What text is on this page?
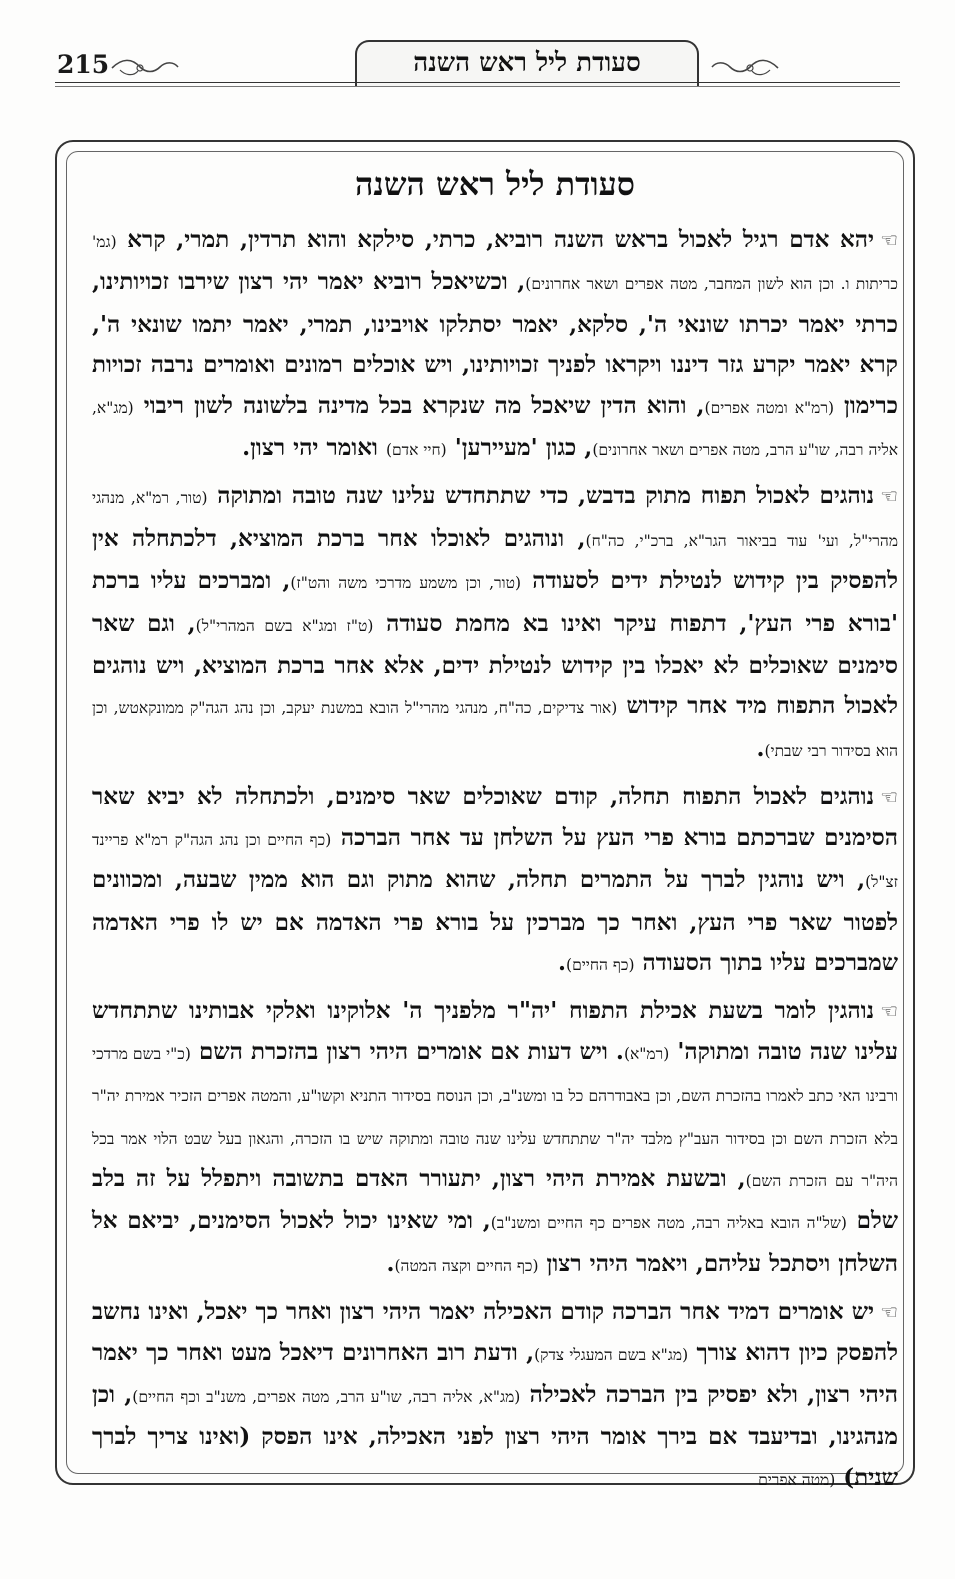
215	סעודת ליל ראש השנה
סעודת ליל ראש השנה

☜יהא אדם רגיל לאכול בראש השנה רוביא, כרתי, סילקא והוא תרדין, תמרי, קרא (גמ' כריתות ו. וכן הוא לשון המחבר, מטה אפרים ושאר אחרונים), וכשיאכל רוביא יאמר יהי רצון שירבו זכויותינו, כרתי יאמר יכרתו שונאי ה', סלקא, יאמר יסתלקו אויבינו, תמרי, יאמר יתמו שונאי ה', קרא יאמר יקרע גזר דיננו ויקראו לפניך זכויותינו, ויש אוכלים רמונים ואומרים נרבה זכויות כרימון (רמ"א ומטה אפרים), והוא הדין שיאכל מה שנקרא בכל מדינה בלשונה לשון ריבוי (מג"א, אליה רבה, שו"ע הרב, מטה אפרים ושאר אחרונים), כגון 'מעיירען' (חיי אדם) ואומר יהי רצון.

☜נוהגים לאכול תפוח מתוק בדבש, כדי שתתחדש עלינו שנה טובה ומתוקה (טור, רמ"א, מנהגי מהרי"ל, ועי' עוד בביאור הגר"א, ברכ"י, כה"ח), ונוהגים לאוכלו אחר ברכת המוציא, דלכתחלה אין להפסיק בין קידוש לנטילת ידים לסעודה (טור, וכן משמע מדרכי משה והט"ז), ומברכים עליו ברכת 'בורא פרי העץ', דתפוח עיקר ואינו בא מחמת סעודה (ט"ז ומג"א בשם המהרי"ל), וגם שאר סימנים שאוכלים לא יאכלו בין קידוש לנטילת ידים, אלא אחר ברכת המוציא, ויש נוהגים לאכול התפוח מיד אחר קידוש (אור צדיקים, כה"ח, מנהגי מהרי"ל הובא במשנת יעקב, וכן נהג הגה"ק ממונקאטש, וכן הוא בסידור רבי שבתי).

☜נוהגים לאכול התפוח תחלה, קודם שאוכלים שאר סימנים, ולכתחלה לא יביא שאר הסימנים שברכתם בורא פרי העץ על השלחן עד אחר הברכה (כף החיים וכן נהג הגה"ק רמ"א פריינד זצ"ל), ויש נוהגין לברך על התמרים תחלה, שהוא מתוק וגם הוא ממין שבעה, ומכוונים לפטור שאר פרי העץ, ואחר כך מברכין על בורא פרי האדמה אם יש לו פרי האדמה שמברכים עליו בתוך הסעודה (כף החיים).

☜נוהגין לומר בשעת אכילת התפוח 'יה"ר מלפניך ה' אלוקינו ואלקי אבותינו שתתחדש עלינו שנה טובה ומתוקה' (רמ"א). ויש דעות אם אומרים היהי רצון בהזכרת השם (כ"י בשם מרדכי ורבינו האי כתב לאמרו בהזכרת השם, וכן באבודרהם כל בו ומשנ"ב, וכן הנוסח בסידור התניא וקשו"ע, והמטה אפרים הזכיר אמירת יה"ר בלא הזכרת השם וכן בסידור העב"ץ מלבד יה"ר שתתחדש עלינו שנה טובה ומתוקה שיש בו הזכרה, והגאון בעל שבט הלוי אמר בכל היה"ר עם הזכרת השם), ובשעת אמירת היהי רצון, יתעורר האדם בתשובה ויתפלל על זה בלב שלם (של"ה הובא באליה רבה, מטה אפרים כף החיים ומשנ"ב), ומי שאינו יכול לאכול הסימנים, יביאם אל השלחן ויסתכל עליהם, ויאמר היהי רצון (כף החיים וקצה המטה).

☜יש אומרים דמיד אחר הברכה קודם האכילה יאמר היהי רצון ואחר כך יאכל, ואינו נחשב להפסק כיון דהוא צורך (מג"א בשם המעגלי צדק), ודעת רוב האחרונים דיאכל מעט ואחר כך יאמר היהי רצון, ולא יפסיק בין הברכה לאכילה (מג"א, אליה רבה, שו"ע הרב, מטה אפרים, משנ"ב וכף החיים), וכן מנהגינו, ובדיעבד אם בירך אומר היהי רצון לפני האכילה, אינו הפסק (ואינו צריך לברך שנית) (מטה אפרים
